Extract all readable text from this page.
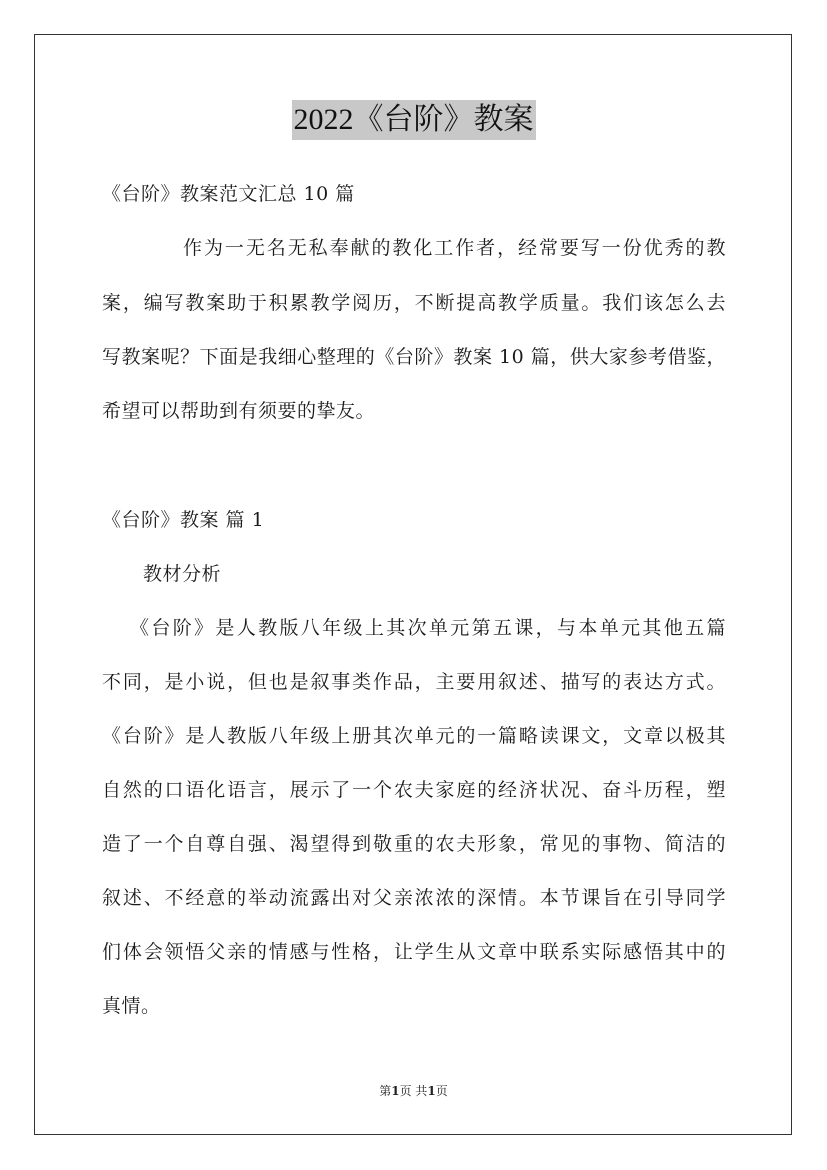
2022《台阶》教案
《台阶》教案范文汇总 10 篇
作为一无名无私奉献的教化工作者，经常要写一份优秀的教
案，编写教案助于积累教学阅历，不断提高教学质量。我们该怎么去
写教案呢？下面是我细心整理的《台阶》教案 10 篇，供大家参考借鉴，
希望可以帮助到有须要的挚友。
《台阶》教案 篇 1
教材分析
《台阶》是人教版八年级上其次单元第五课，与本单元其他五篇
不同，是小说，但也是叙事类作品，主要用叙述、描写的表达方式。
《台阶》是人教版八年级上册其次单元的一篇略读课文，文章以极其
自然的口语化语言，展示了一个农夫家庭的经济状况、奋斗历程，塑
造了一个自尊自强、渴望得到敬重的农夫形象，常见的事物、简洁的
叙述、不经意的举动流露出对父亲浓浓的深情。本节课旨在引导同学
们体会领悟父亲的情感与性格，让学生从文章中联系实际感悟其中的
真情。
第1页 共1页
